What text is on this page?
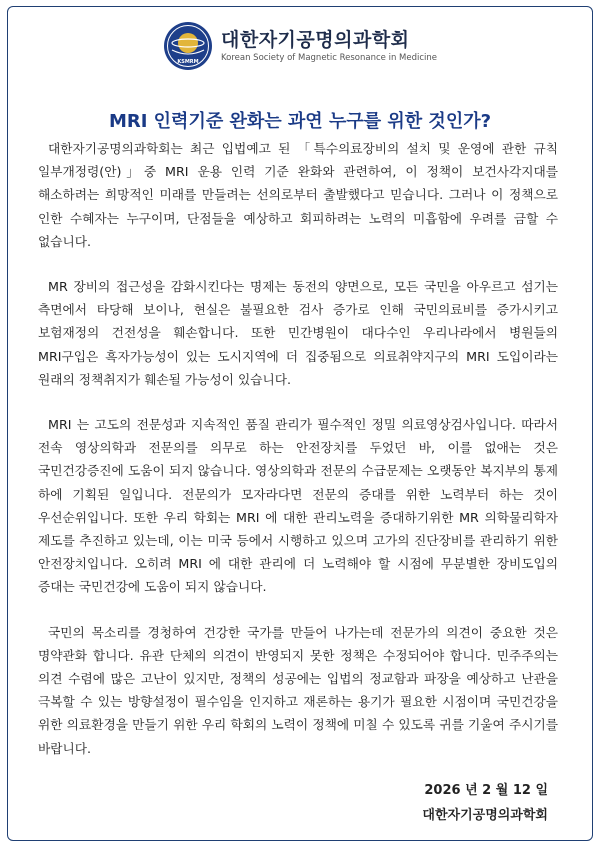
KSMRM
대한자기공명의과학회
Korean Society of Magnetic Resonance in Medicine
MRI 인력기준 완화는 과연 누구를 위한 것인가?

대한자기공명의과학회는 최근 입법예고 된 「특수의료장비의 설치 및 운영에 관한 규칙 일부개정령(안)」중 MRI 운용 인력 기준 완화와 관련하여, 이 정책이 보건사각지대를 해소하려는 희망적인 미래를 만들려는 선의로부터 출발했다고 믿습니다. 그러나 이 정책으로 인한 수혜자는 누구이며, 단점들을 예상하고 회피하려는 노력의 미흡함에 우려를 금할 수 없습니다.

MR 장비의 접근성을 감화시킨다는 명제는 동전의 양면으로, 모든 국민을 아우르고 섬기는 측면에서 타당해 보이나, 현실은 불필요한 검사 증가로 인해 국민의료비를 증가시키고 보험재정의 건전성을 훼손합니다. 또한 민간병원이 대다수인 우리나라에서 병원들의 MRI구입은 흑자가능성이 있는 도시지역에 더 집중됨으로 의료취약지구의 MRI 도입이라는 원래의 정책취지가 훼손될 가능성이 있습니다.

MRI 는 고도의 전문성과 지속적인 품질 관리가 필수적인 정밀 의료영상검사입니다. 따라서 전속 영상의학과 전문의를 의무로 하는 안전장치를 두었던 바, 이를 없애는 것은 국민건강증진에 도움이 되지 않습니다. 영상의학과 전문의 수급문제는 오랫동안 복지부의 통제 하에 기획된 일입니다. 전문의가 모자라다면 전문의 증대를 위한 노력부터 하는 것이 우선순위입니다. 또한 우리 학회는 MRI 에 대한 관리노력을 증대하기위한 MR 의학물리학자 제도를 추진하고 있는데, 이는 미국 등에서 시행하고 있으며 고가의 진단장비를 관리하기 위한 안전장치입니다. 오히려 MRI 에 대한 관리에 더 노력해야 할 시점에 무분별한 장비도입의 증대는 국민건강에 도움이 되지 않습니다.

국민의 목소리를 경청하여 건강한 국가를 만들어 나가는데 전문가의 의견이 중요한 것은 명약관화 합니다. 유관 단체의 의견이 반영되지 못한 정책은 수정되어야 합니다. 민주주의는 의견 수렴에 많은 고난이 있지만, 정책의 성공에는 입법의 정교함과 파장을 예상하고 난관을 극복할 수 있는 방향설정이 필수임을 인지하고 재론하는 용기가 필요한 시점이며 국민건강을 위한 의료환경을 만들기 위한 우리 학회의 노력이 정책에 미칠 수 있도록 귀를 기울여 주시기를 바랍니다.

2026 년 2 월 12 일
대한자기공명의과학회
